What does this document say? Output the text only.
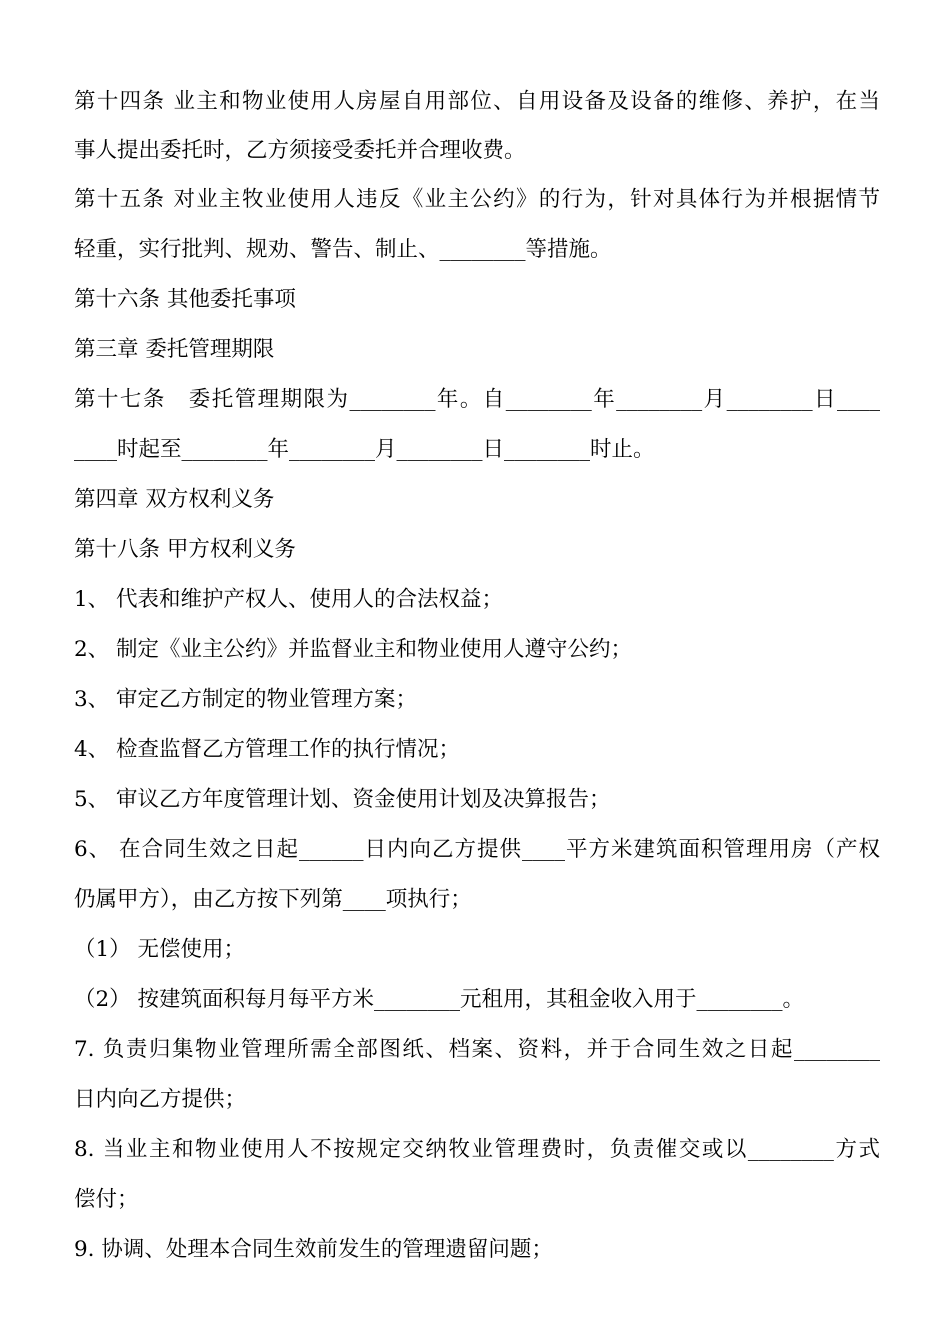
第十四条 业主和物业使用人房屋自用部位、自用设备及设备的维修、养护，在当
事人提出委托时，乙方须接受委托并合理收费。
第十五条 对业主牧业使用人违反《业主公约》的行为，针对具体行为并根据情节
轻重，实行批判、规劝、警告、制止、________等措施。
第十六条 其他委托事项
第三章 委托管理期限
第十七条　委托管理期限为________年。自________年________月________日____
____时起至________年________月________日________时止。
第四章 双方权利义务
第十八条 甲方权利义务
1、 代表和维护产权人、使用人的合法权益；
2、 制定《业主公约》并监督业主和物业使用人遵守公约；
3、 审定乙方制定的物业管理方案；
4、 检查监督乙方管理工作的执行情况；
5、 审议乙方年度管理计划、资金使用计划及决算报告；
6、 在合同生效之日起______日内向乙方提供____平方米建筑面积管理用房（产权
仍属甲方），由乙方按下列第____项执行；
（1） 无偿使用；
（2） 按建筑面积每月每平方米________元租用，其租金收入用于________。
7. 负责归集物业管理所需全部图纸、档案、资料，并于合同生效之日起________
日内向乙方提供；
8. 当业主和物业使用人不按规定交纳牧业管理费时，负责催交或以________方式
偿付；
9. 协调、处理本合同生效前发生的管理遗留问题；
